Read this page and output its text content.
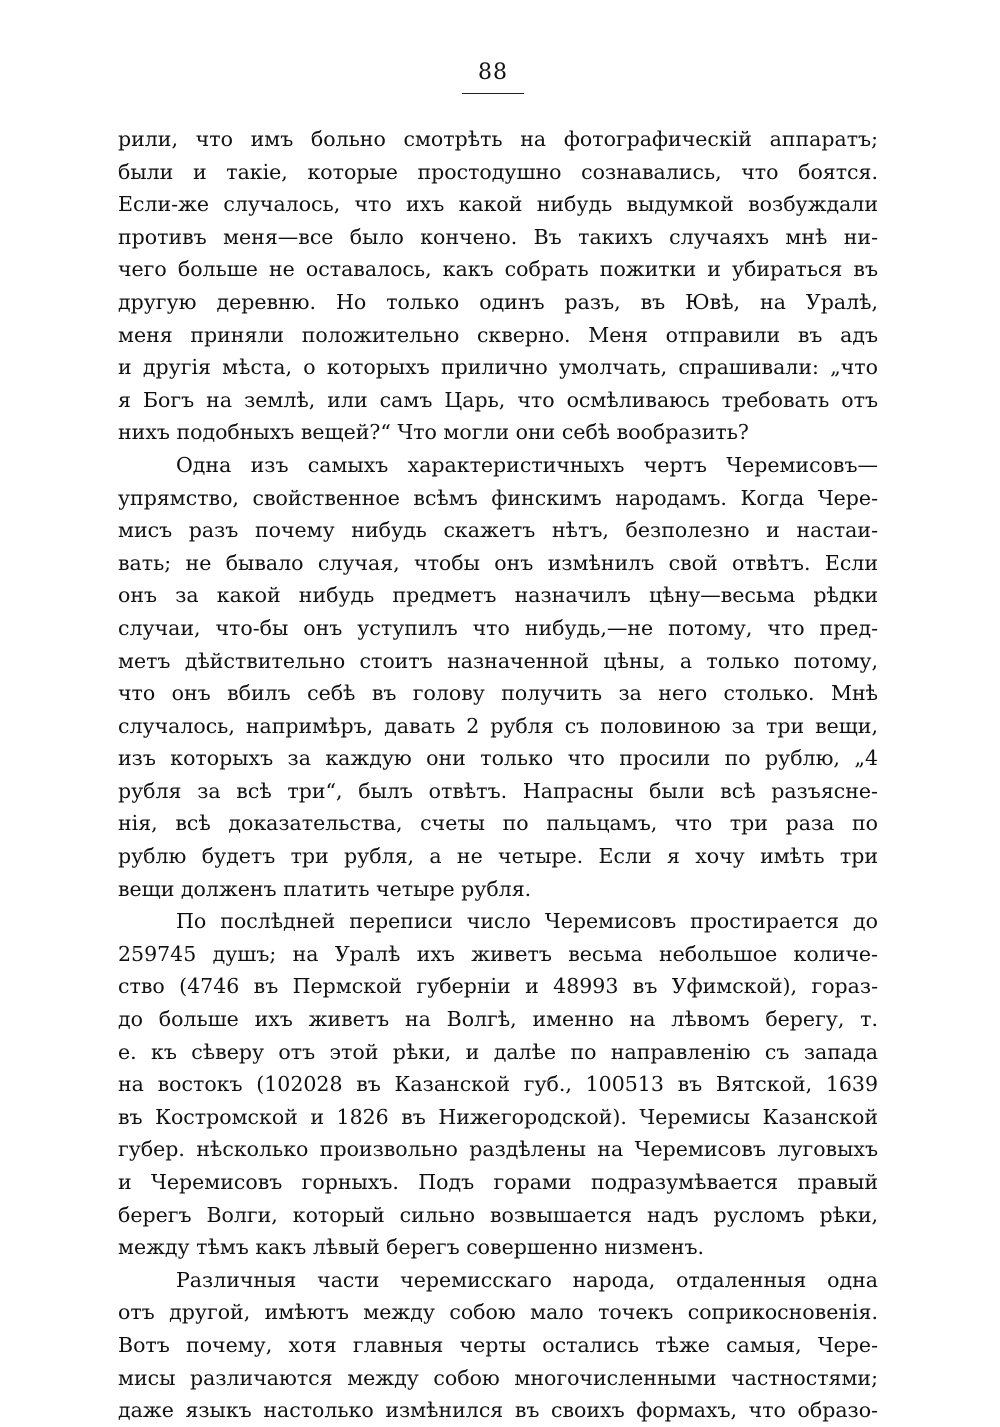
88
рили, что имъ больно смотрѣть на фотографическій аппаратъ;
были и такіе, которые простодушно сознавались, что боятся.
Если-же случалось, что ихъ какой нибудь выдумкой возбуждали
противъ меня—все было кончено. Въ такихъ случаяхъ мнѣ ни-
чего больше не оставалось, какъ собрать пожитки и убираться въ
другую деревню. Но только одинъ разъ, въ Ювѣ, на Уралѣ,
меня приняли положительно скверно. Меня отправили въ адъ
и другія мѣста, о которыхъ прилично умолчать, спрашивали: „что
я Богъ на землѣ, или самъ Царь, что осмѣливаюсь требовать отъ
нихъ подобныхъ вещей?“ Что могли они себѣ вообразить?
Одна изъ самыхъ характеристичныхъ чертъ Черемисовъ—
упрямство, свойственное всѣмъ финскимъ народамъ. Когда Чере-
мисъ разъ почему нибудь скажетъ нѣтъ, безполезно и настаи-
вать; не бывало случая, чтобы онъ измѣнилъ свой отвѣтъ. Если
онъ за какой нибудь предметъ назначилъ цѣну—весьма рѣдки
случаи, что-бы онъ уступилъ что нибудь,—не потому, что пред-
метъ дѣйствительно стоитъ назначенной цѣны, а только потому,
что онъ вбилъ себѣ въ голову получить за него столько. Мнѣ
случалось, напримѣръ, давать 2 рубля съ половиною за три вещи,
изъ которыхъ за каждую они только что просили по рублю, „4
рубля за всѣ три“, былъ отвѣтъ. Напрасны были всѣ разъясне-
нія, всѣ доказательства, счеты по пальцамъ, что три раза по
рублю будетъ три рубля, а не четыре. Если я хочу имѣть три
вещи долженъ платить четыре рубля.
По послѣдней переписи число Черемисовъ простирается до
259745 душъ; на Уралѣ ихъ живетъ весьма небольшое количе-
ство (4746 въ Пермской губерніи и 48993 въ Уфимской), гораз-
до больше ихъ живетъ на Волгѣ, именно на лѣвомъ берегу, т.
е. къ сѣверу отъ этой рѣки, и далѣе по направленію съ запада
на востокъ (102028 въ Казанской губ., 100513 въ Вятской, 1639
въ Костромской и 1826 въ Нижегородской). Черемисы Казанской
губер. нѣсколько произвольно раздѣлены на Черемисовъ луговыхъ
и Черемисовъ горныхъ. Подъ горами подразумѣвается правый
берегъ Волги, который сильно возвышается надъ русломъ рѣки,
между тѣмъ какъ лѣвый берегъ совершенно низменъ.
Различныя части черемисскаго народа, отдаленныя одна
отъ другой, имѣютъ между собою мало точекъ соприкосновенія.
Вотъ почему, хотя главныя черты остались тѣже самыя, Чере-
мисы различаются между собою многочисленными частностями;
даже языкъ настолько измѣнился въ своихъ формахъ, что образо-
